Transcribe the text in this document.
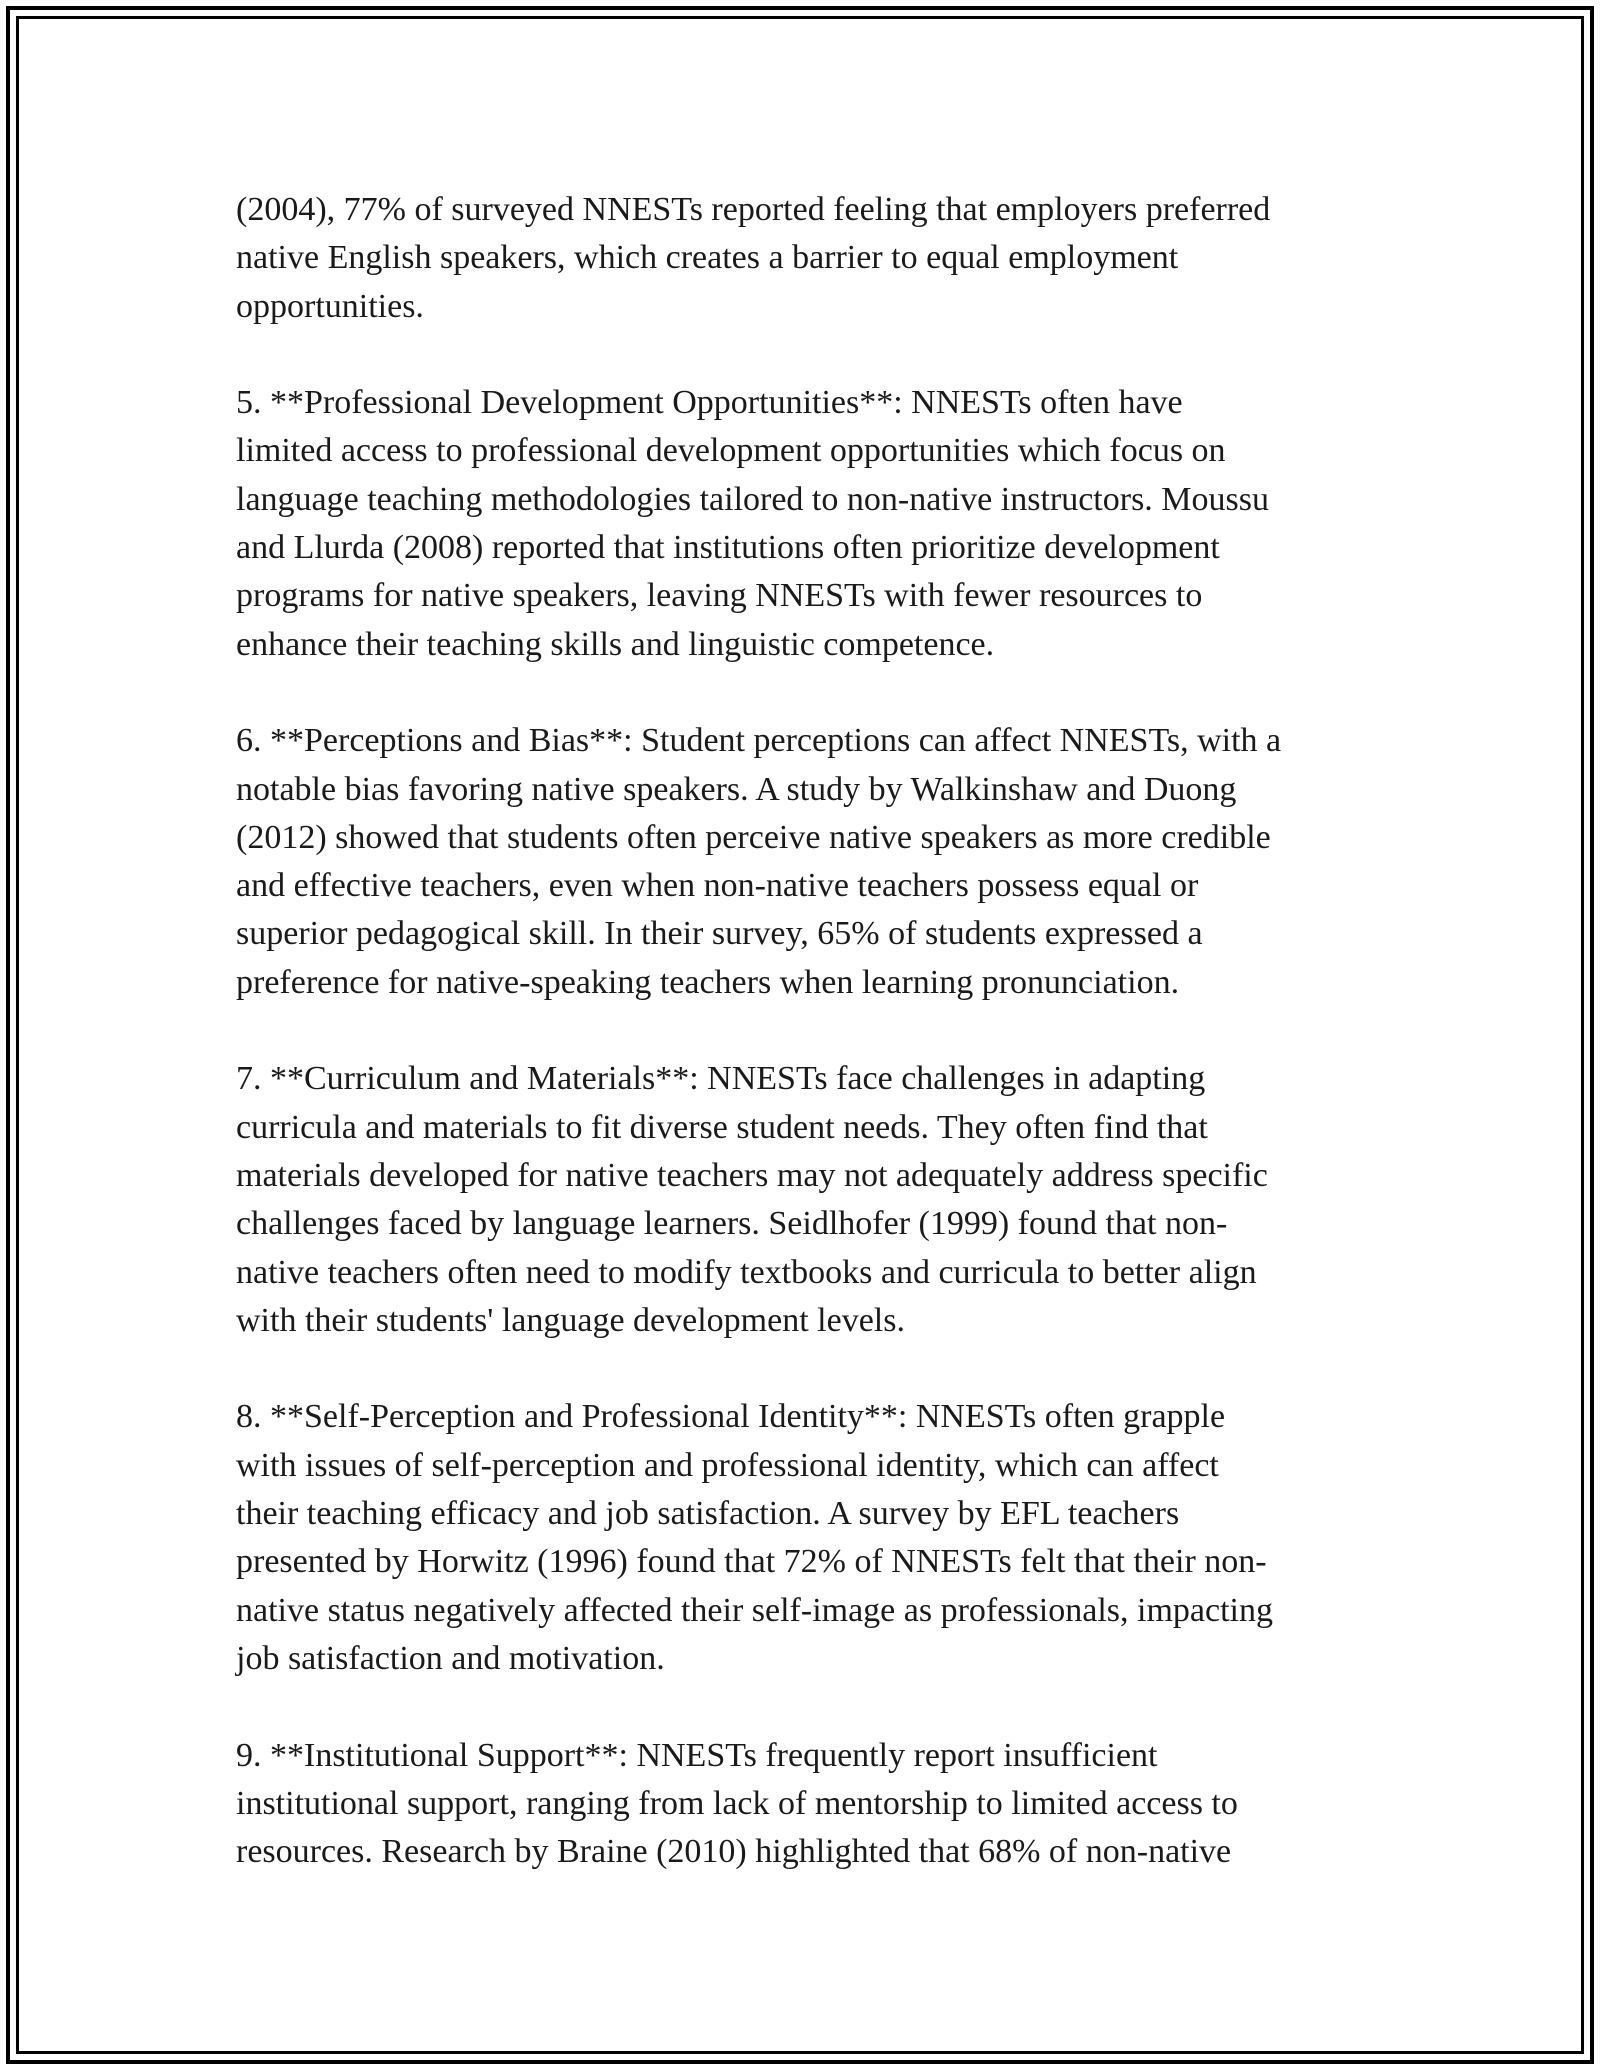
(2004), 77% of surveyed NNESTs reported feeling that employers preferred
native English speakers, which creates a barrier to equal employment
opportunities.

5. **Professional Development Opportunities**: NNESTs often have
limited access to professional development opportunities which focus on
language teaching methodologies tailored to non-native instructors. Moussu
and Llurda (2008) reported that institutions often prioritize development
programs for native speakers, leaving NNESTs with fewer resources to
enhance their teaching skills and linguistic competence.

6. **Perceptions and Bias**: Student perceptions can affect NNESTs, with a
notable bias favoring native speakers. A study by Walkinshaw and Duong
(2012) showed that students often perceive native speakers as more credible
and effective teachers, even when non-native teachers possess equal or
superior pedagogical skill. In their survey, 65% of students expressed a
preference for native-speaking teachers when learning pronunciation.

7. **Curriculum and Materials**: NNESTs face challenges in adapting
curricula and materials to fit diverse student needs. They often find that
materials developed for native teachers may not adequately address specific
challenges faced by language learners. Seidlhofer (1999) found that non-
native teachers often need to modify textbooks and curricula to better align
with their students' language development levels.

8. **Self-Perception and Professional Identity**: NNESTs often grapple
with issues of self-perception and professional identity, which can affect
their teaching efficacy and job satisfaction. A survey by EFL teachers
presented by Horwitz (1996) found that 72% of NNESTs felt that their non-
native status negatively affected their self-image as professionals, impacting
job satisfaction and motivation.

9. **Institutional Support**: NNESTs frequently report insufficient
institutional support, ranging from lack of mentorship to limited access to
resources. Research by Braine (2010) highlighted that 68% of non-native
